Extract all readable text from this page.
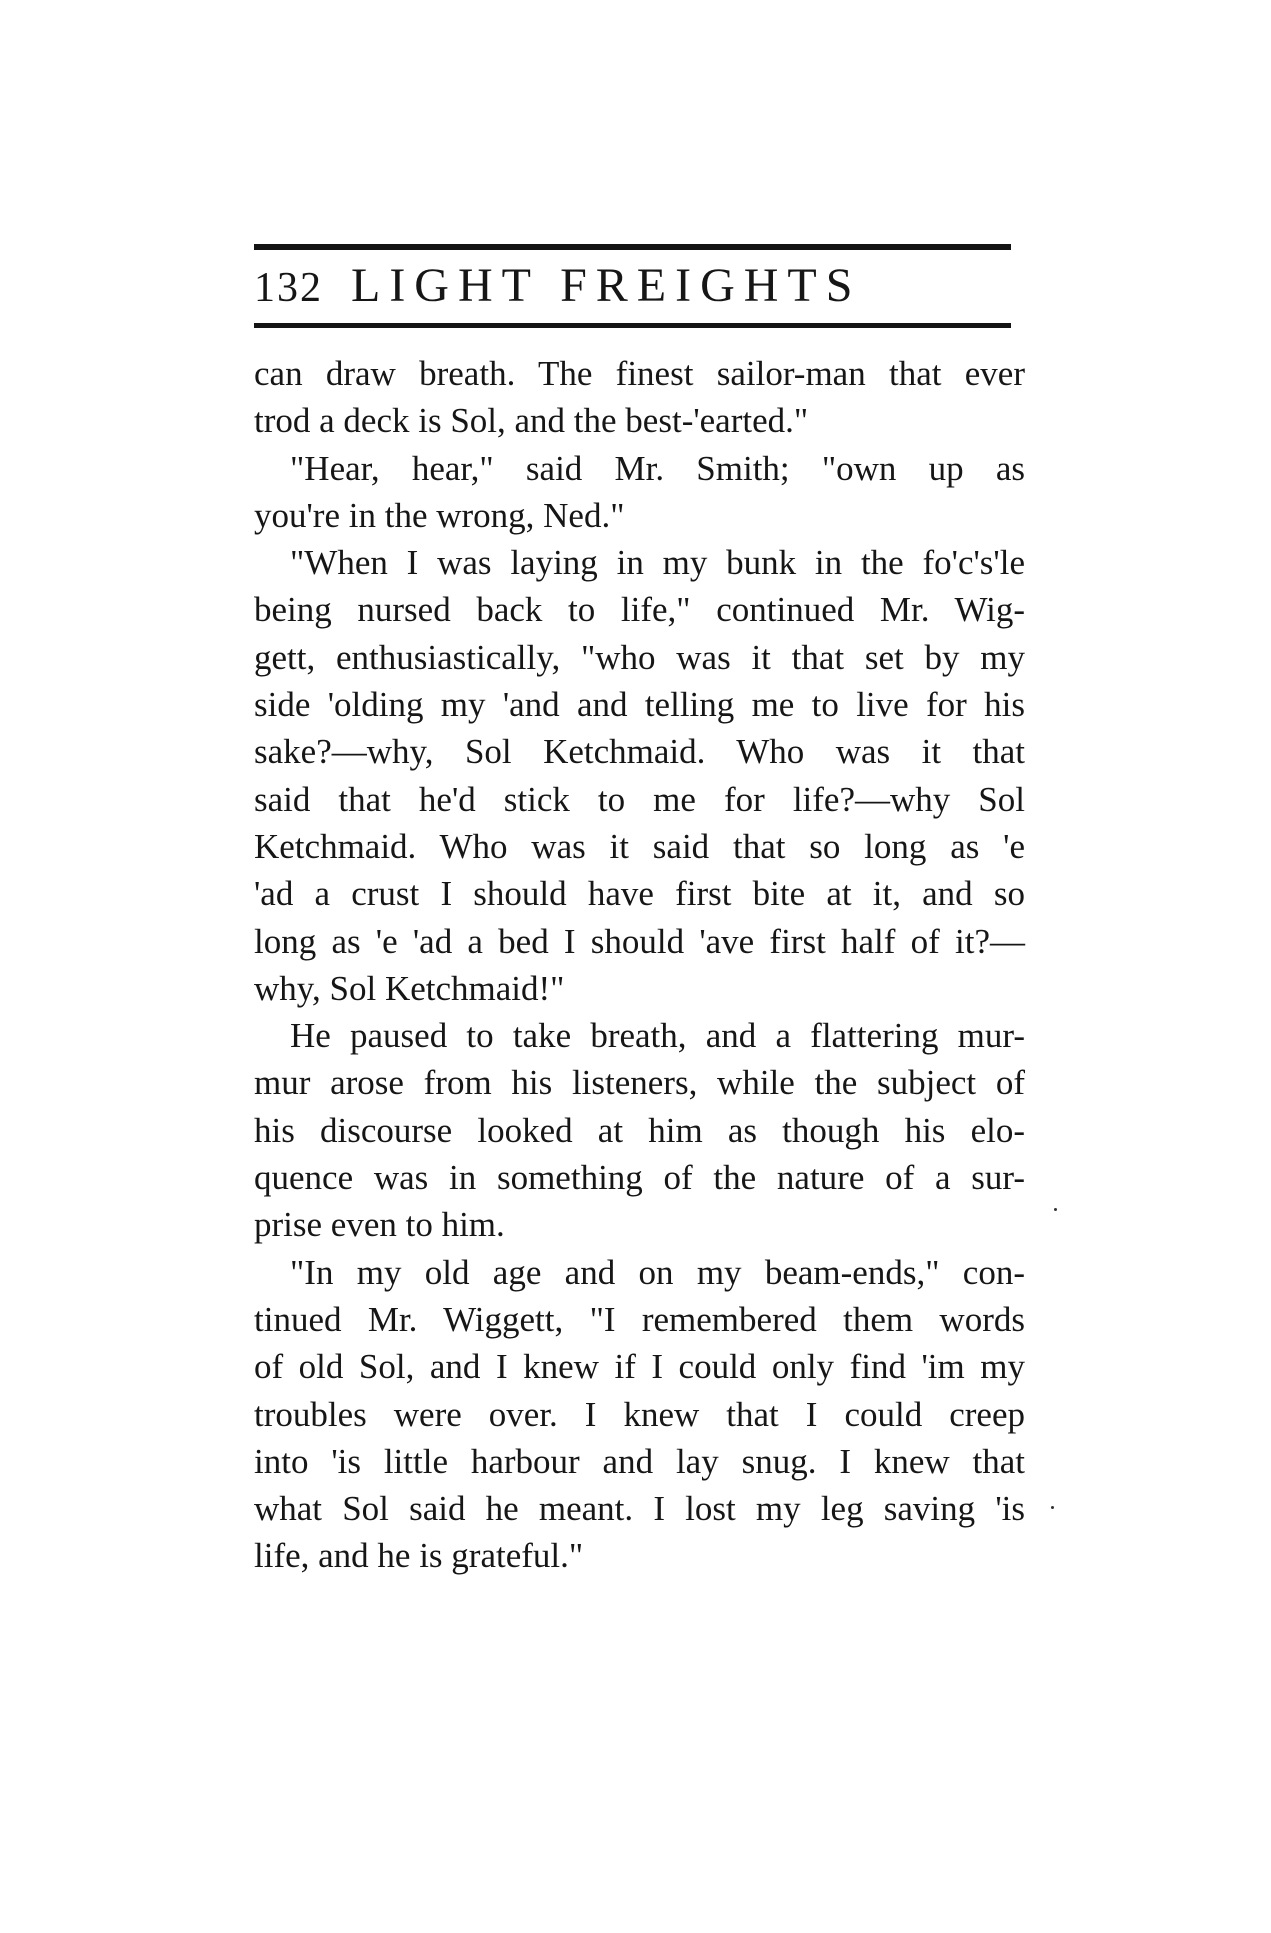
132 LIGHT FREIGHTS
can draw breath. The finest sailor-man that ever
trod a deck is Sol, and the best-'earted."
"Hear, hear," said Mr. Smith; "own up as
you're in the wrong, Ned."
"When I was laying in my bunk in the fo'c's'le
being nursed back to life," continued Mr. Wig-
gett, enthusiastically, "who was it that set by my
side 'olding my 'and and telling me to live for his
sake?—why, Sol Ketchmaid. Who was it that
said that he'd stick to me for life?—why Sol
Ketchmaid. Who was it said that so long as 'e
'ad a crust I should have first bite at it, and so
long as 'e 'ad a bed I should 'ave first half of it?—
why, Sol Ketchmaid!"
He paused to take breath, and a flattering mur-
mur arose from his listeners, while the subject of
his discourse looked at him as though his elo-
quence was in something of the nature of a sur-
prise even to him.
"In my old age and on my beam-ends," con-
tinued Mr. Wiggett, "I remembered them words
of old Sol, and I knew if I could only find 'im my
troubles were over. I knew that I could creep
into 'is little harbour and lay snug. I knew that
what Sol said he meant. I lost my leg saving 'is
life, and he is grateful."
